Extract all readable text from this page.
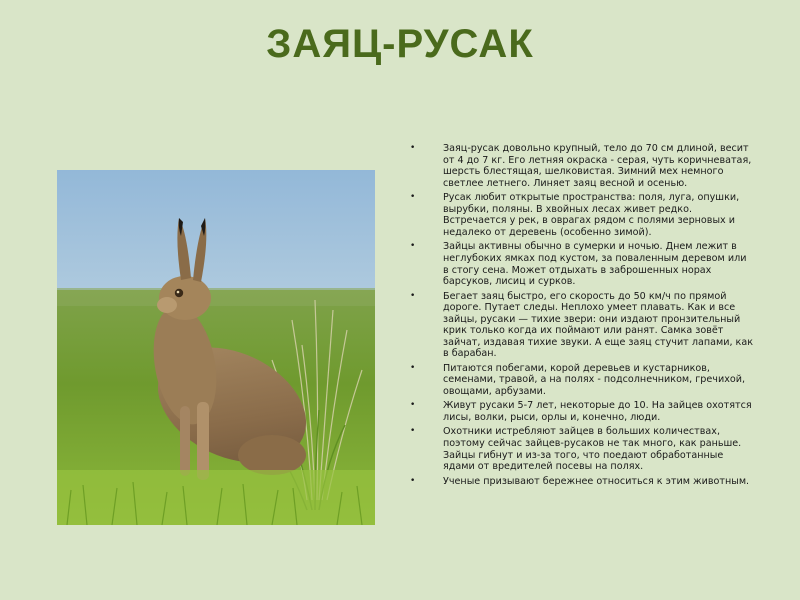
ЗАЯЦ-РУСАК
•	Заяц-русак довольно крупный, тело до 70 см длиной, весит от 4 до 7 кг. Его летняя окраска - серая, чуть коричневатая, шерсть блестящая, шелковистая. Зимний мех немного светлее летнего. Линяет заяц весной и осенью.
•	Русак любит открытые пространства: поля, луга, опушки, вырубки, поляны. В хвойных лесах живет редко. Встречается у рек, в оврагах рядом с полями зерновых и недалеко от деревень (особенно зимой).
•	Зайцы активны обычно в сумерки и ночью. Днем лежит в неглубоких ямках под кустом, за поваленным деревом или в стогу сена. Может отдыхать в заброшенных норах барсуков, лисиц и сурков.
•	Бегает заяц быстро, его скорость до 50 км/ч по прямой дороге. Путает следы. Неплохо умеет плавать. Как и все зайцы, русаки — тихие звери: они издают пронзительный крик только когда их поймают или ранят. Самка зовёт зайчат, издавая тихие звуки. А еще заяц стучит лапами, как в барабан.
•	Питаются побегами, корой деревьев и кустарников, семенами, травой, а на полях - подсолнечником, гречихой, овощами, арбузами.
•	Живут русаки 5-7 лет, некоторые до 10. На зайцев охотятся лисы, волки, рыси, орлы и, конечно, люди.
•	Охотники истребляют зайцев в больших количествах, поэтому сейчас зайцев-русаков не так много, как раньше. Зайцы гибнут и из-за того, что поедают обработанные ядами от вредителей посевы на полях.
•	Ученые призывают бережнее относиться к этим животным.
